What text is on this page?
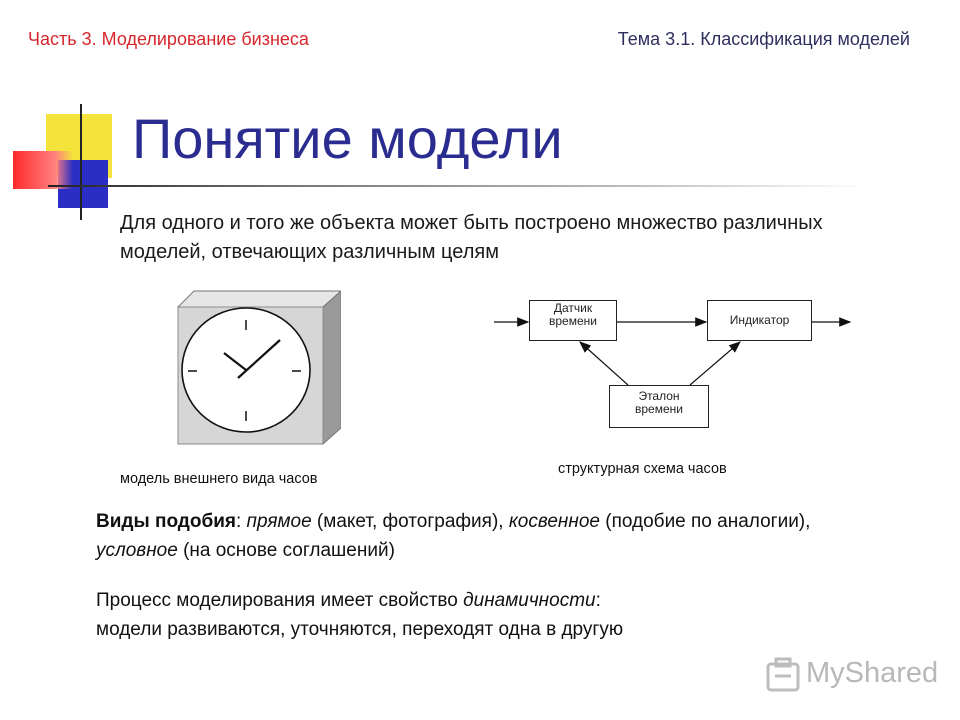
Часть 3. Моделирование бизнеса	Тема 3.1. Классификация моделей
Понятие модели
Для одного и того же объекта может быть построено множество различных моделей, отвечающих различным целям
модель внешнего вида часов
Датчик
времени	Индикатор
Эталон
времени
структурная схема часов
Виды подобия: прямое (макет, фотография), косвенное (подобие по аналогии), условное (на основе соглашений)
Процесс моделирования имеет свойство динамичности:
модели развиваются, уточняются, переходят одна в другую
MyShared
